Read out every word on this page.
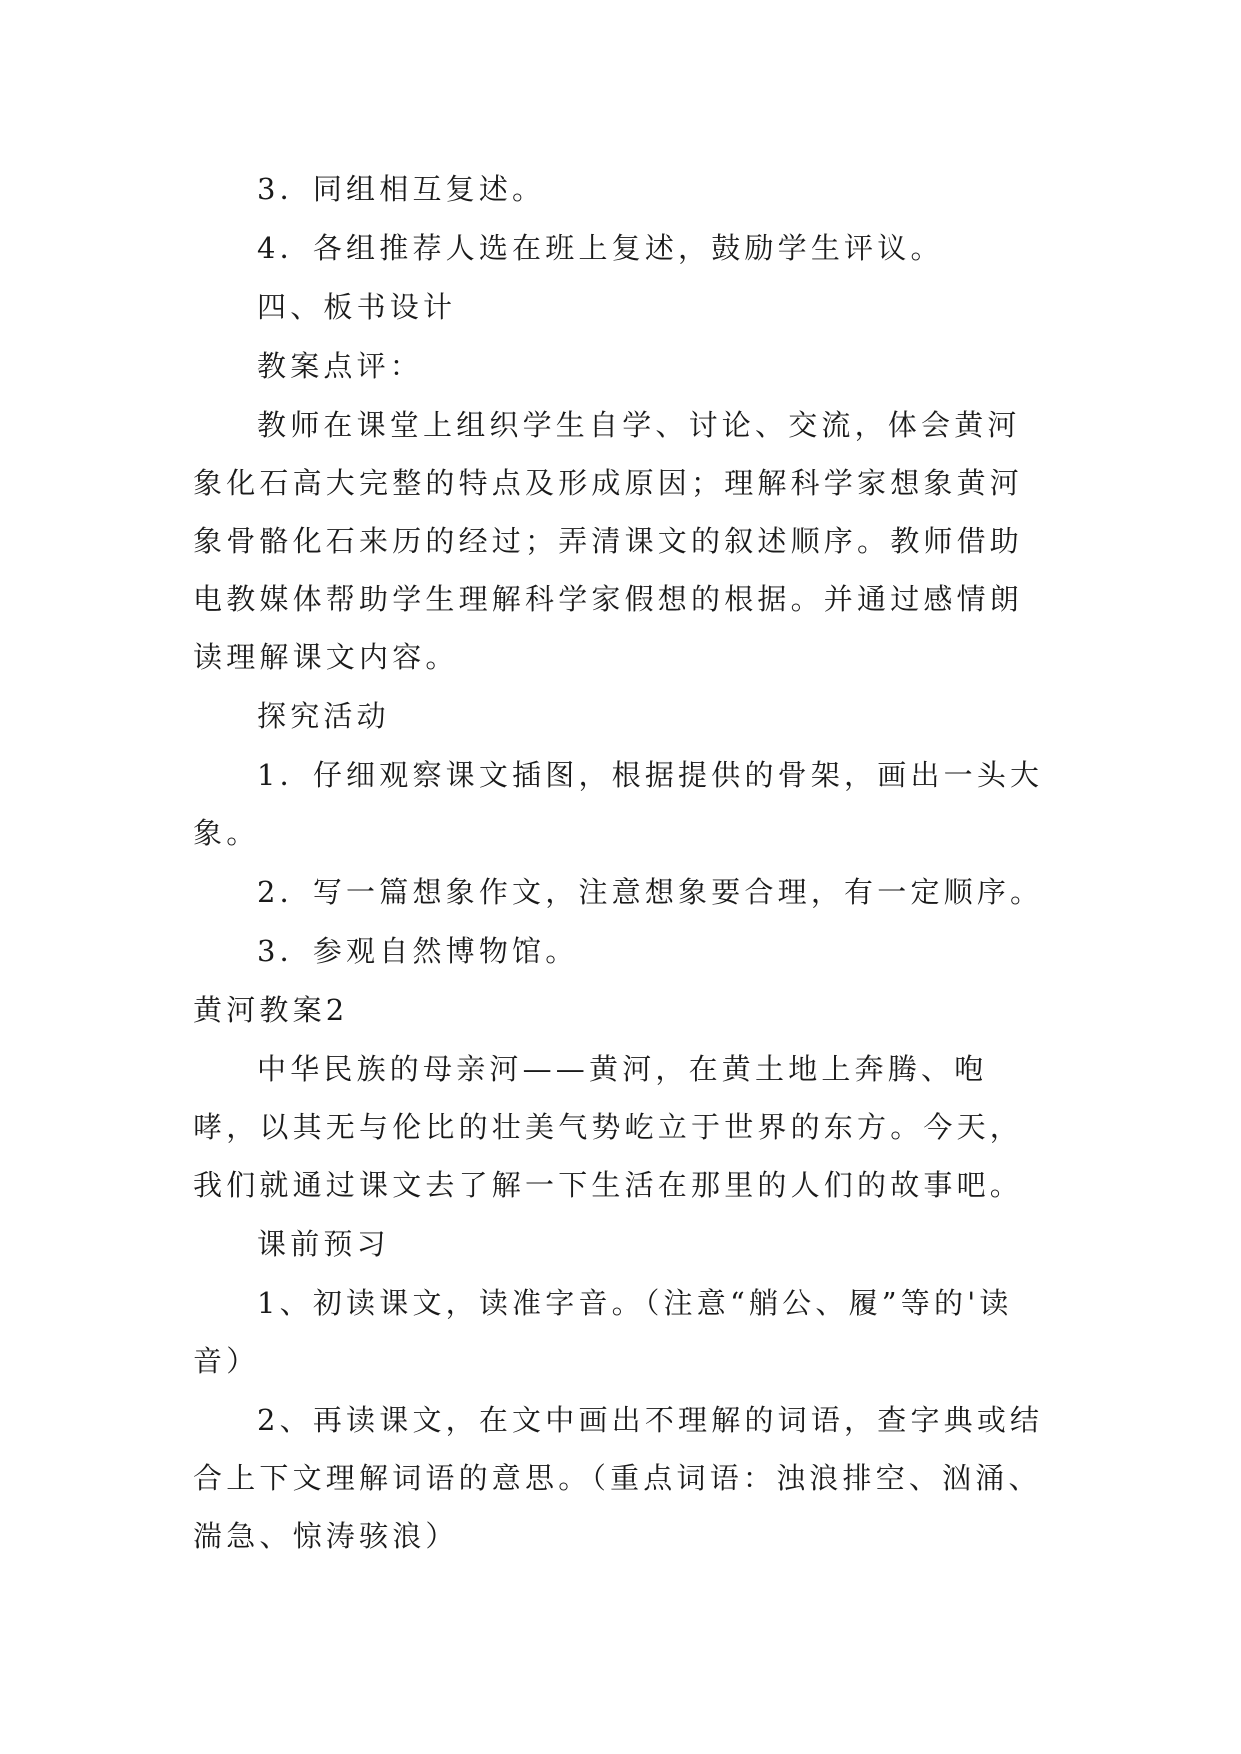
3．同组相互复述。

4．各组推荐人选在班上复述，鼓励学生评议。

四、板书设计

教案点评：

教师在课堂上组织学生自学、讨论、交流，体会黄河象化石高大完整的特点及形成原因；理解科学家想象黄河象骨骼化石来历的经过；弄清课文的叙述顺序。教师借助电教媒体帮助学生理解科学家假想的根据。并通过感情朗读理解课文内容。

探究活动

1．仔细观察课文插图，根据提供的骨架，画出一头大象。

2．写一篇想象作文，注意想象要合理，有一定顺序。

3．参观自然博物馆。

黄河教案2

中华民族的母亲河——黄河，在黄土地上奔腾、咆哮，以其无与伦比的壮美气势屹立于世界的东方。今天，我们就通过课文去了解一下生活在那里的人们的故事吧。

课前预习

1、初读课文，读准字音。（注意“艄公、履”等的'读音）

2、再读课文，在文中画出不理解的词语，查字典或结合上下文理解词语的意思。（重点词语：浊浪排空、汹涌、湍急、惊涛骇浪）
